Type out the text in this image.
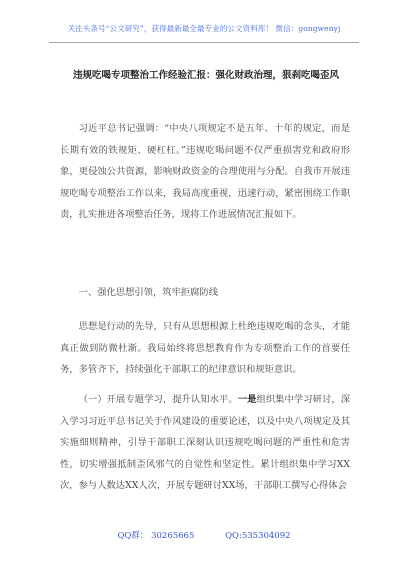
关注头条号“公文研究”，获得最新最全最专业的公文资料库！ 微信：gongwenyj
违规吃喝专项整治工作经验汇报：强化财政治理，狠刹吃喝歪风

习近平总书记强调：“中央八项规定不是五年、十年的规定，而是长期有效的铁规矩、硬杠杠。”违规吃喝问题不仅严重损害党和政府形象，更侵蚀公共资源，影响财政资金的合理使用与分配。自我市开展违规吃喝专项整治工作以来，我局高度重视，迅速行动，紧密围绕工作职责，扎实推进各项整治任务，现将工作进展情况汇报如下。

一、强化思想引领，筑牢拒腐防线

思想是行动的先导，只有从思想根源上杜绝违规吃喝的念头，才能真正做到防微杜渐。我局始终将思想教育作为专项整治工作的首要任务，多管齐下，持续强化干部职工的纪律意识和规矩意识。

（一）开展专题学习，提升认知水平。一是组织集中学习研讨，深入学习习近平总书记关于作风建设的重要论述，以及中央八项规定及其实施细则精神，引导干部职工深刻认识违规吃喝问题的严重性和危害性，切实增强抵制歪风邪气的自觉性和坚定性。累计组织集中学习XX次，参与人数达XX人次，开展专题研讨XX场，干部职工撰写心得体会

QQ群： 30265665	QQ:535304092
